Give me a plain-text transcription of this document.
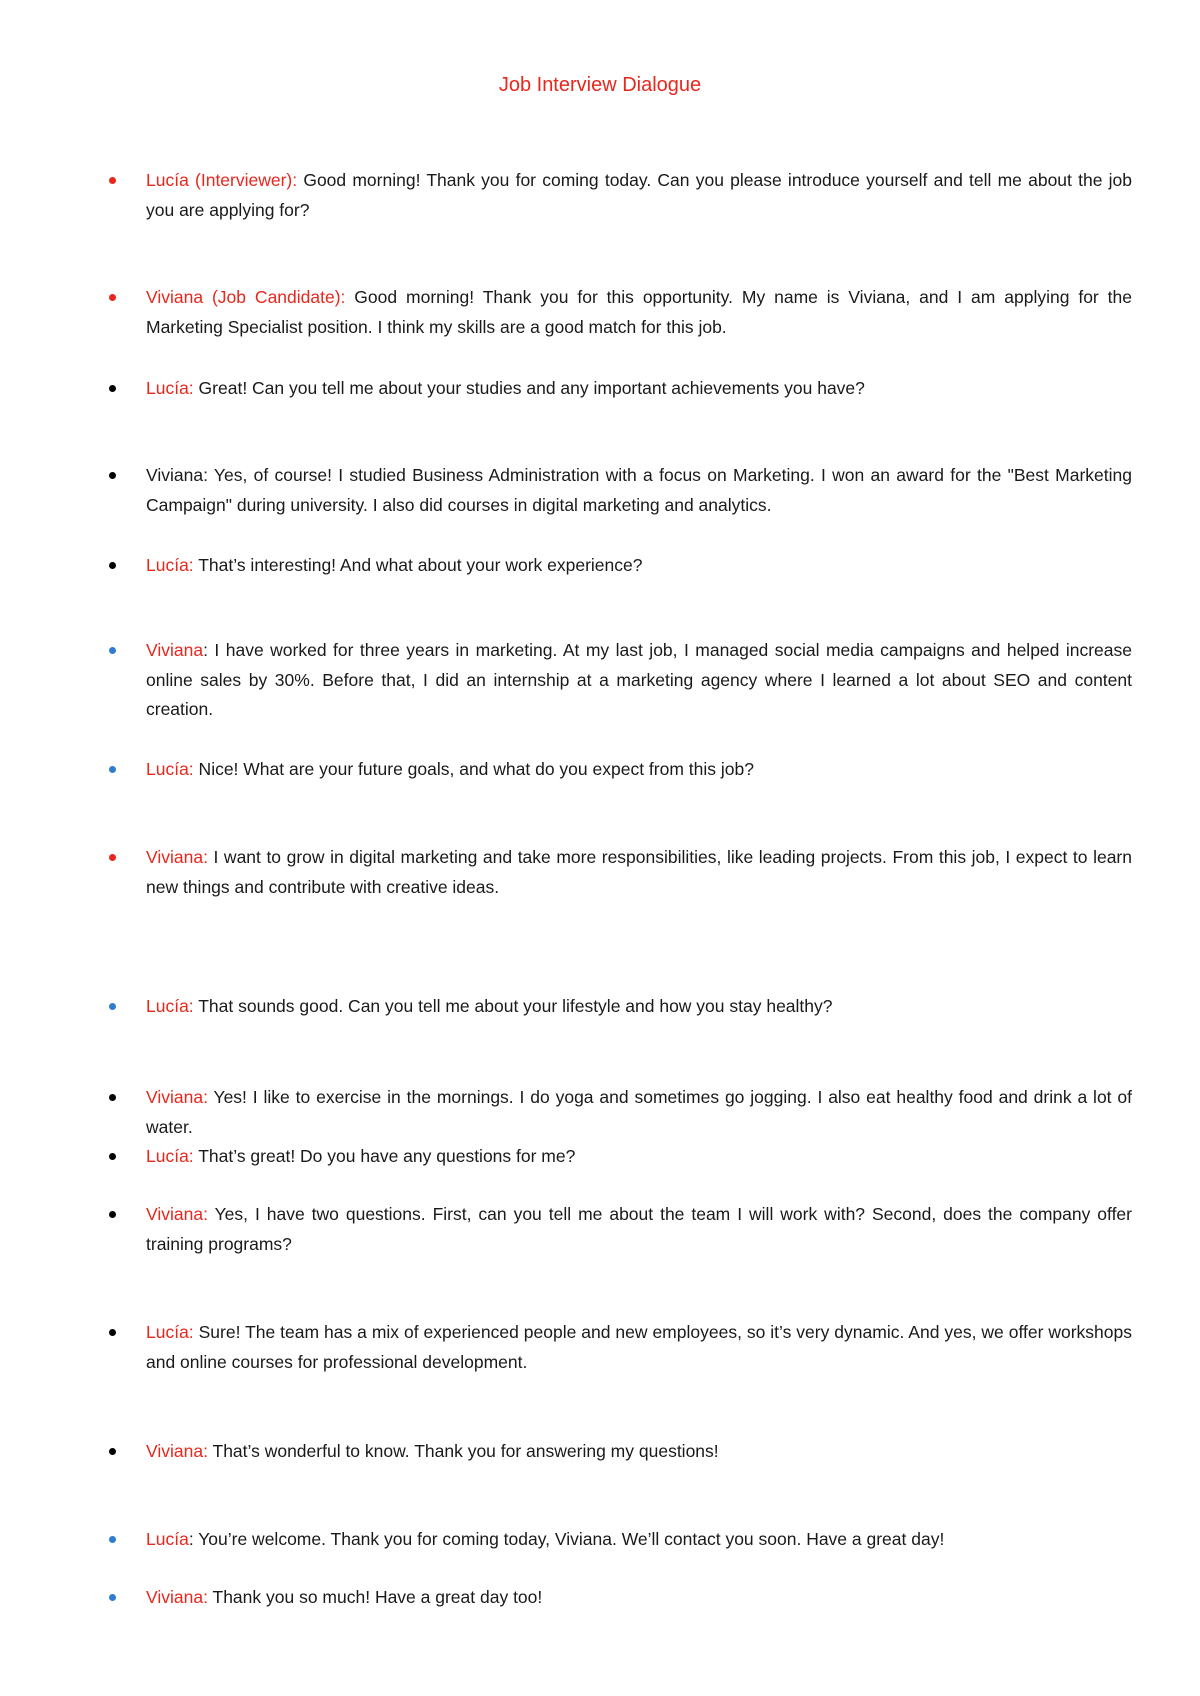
Job Interview Dialogue
Lucía (Interviewer): Good morning! Thank you for coming today. Can you please introduce yourself and tell me about the job you are applying for?
Viviana (Job Candidate): Good morning! Thank you for this opportunity. My name is Viviana, and I am applying for the Marketing Specialist position. I think my skills are a good match for this job.
Lucía: Great! Can you tell me about your studies and any important achievements you have?
Viviana: Yes, of course! I studied Business Administration with a focus on Marketing. I won an award for the "Best Marketing Campaign" during university. I also did courses in digital marketing and analytics.
Lucía: That’s interesting! And what about your work experience?
Viviana: I have worked for three years in marketing. At my last job, I managed social media campaigns and helped increase online sales by 30%. Before that, I did an internship at a marketing agency where I learned a lot about SEO and content creation.
Lucía: Nice! What are your future goals, and what do you expect from this job?
Viviana: I want to grow in digital marketing and take more responsibilities, like leading projects. From this job, I expect to learn new things and contribute with creative ideas.
Lucía: That sounds good. Can you tell me about your lifestyle and how you stay healthy?
Viviana: Yes! I like to exercise in the mornings. I do yoga and sometimes go jogging. I also eat healthy food and drink a lot of water.
Lucía: That’s great! Do you have any questions for me?
Viviana: Yes, I have two questions. First, can you tell me about the team I will work with? Second, does the company offer training programs?
Lucía: Sure! The team has a mix of experienced people and new employees, so it’s very dynamic. And yes, we offer workshops and online courses for professional development.
Viviana: That’s wonderful to know. Thank you for answering my questions!
Lucía: You’re welcome. Thank you for coming today, Viviana. We’ll contact you soon. Have a great day!
Viviana: Thank you so much! Have a great day too!
